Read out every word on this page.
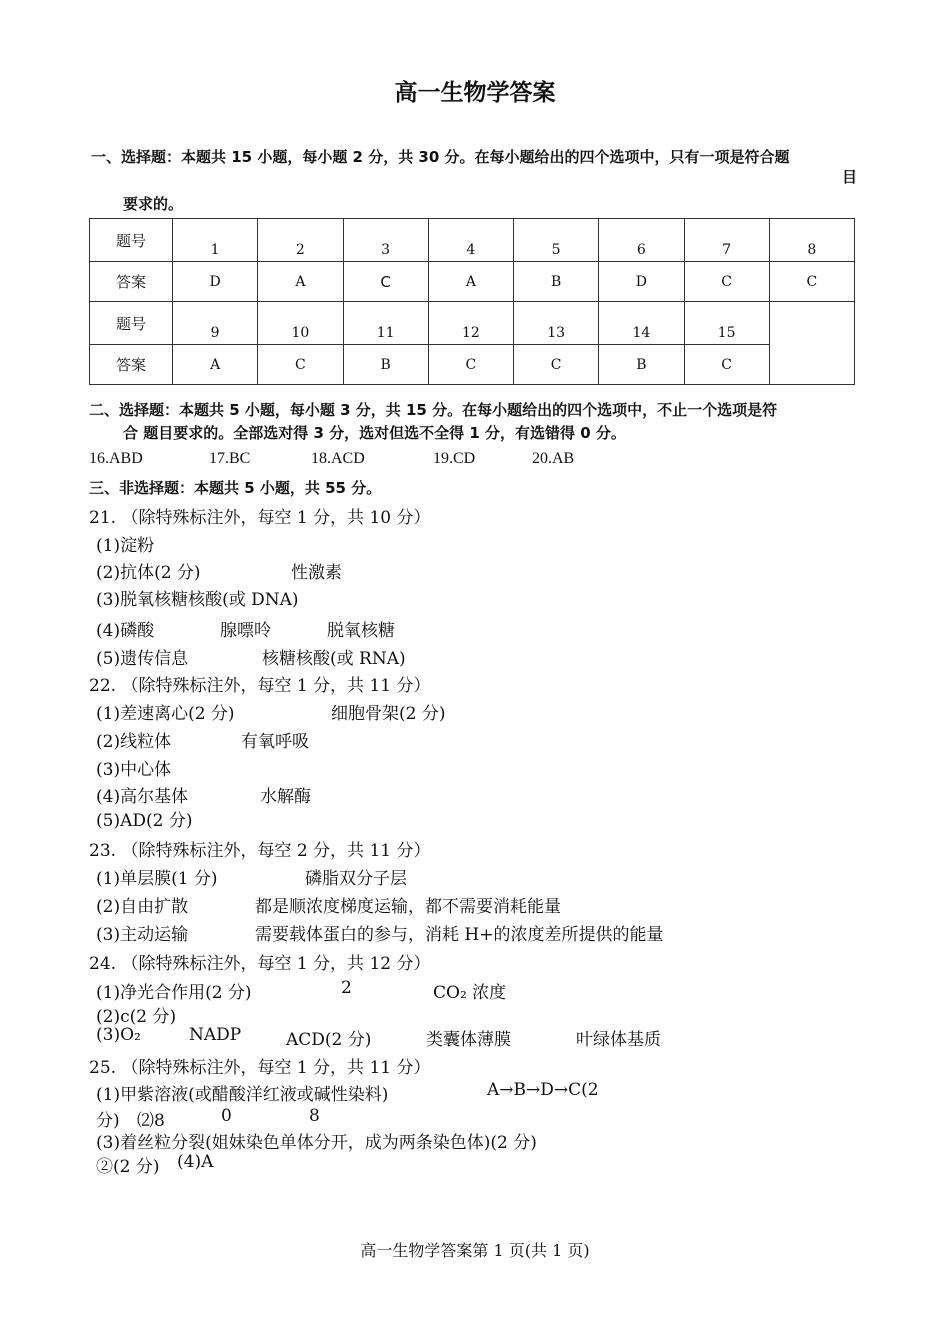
高一生物学答案
一、选择题：本题共 15 小题，每小题 2 分，共 30 分。在每小题给出的四个选项中，只有一项是符合题
目
要求的。
题号	1	2	3	4	5	6	7	8
答案	D	A	C	A	B	D	C	C
题号	9	10	11	12	13	14	15	
答案	A	C	B	C	C	B	C	
二、选择题：本题共 5 小题，每小题 3 分，共 15 分。在每小题给出的四个选项中，不止一个选项是符
合 题目要求的。全部选对得 3 分，选对但选不全得 1 分，有选错得 0 分。
16.ABD	17.BC	18.ACD	19.CD	20.AB
三、非选择题：本题共 5 小题，共 55 分。
21. （除特殊标注外，每空 1 分，共 10 分）
(1)淀粉
(2)抗体(2 分)	性激素
(3)脱氧核糖核酸(或 DNA)
(4)磷酸	腺嘌呤	脱氧核糖
(5)遗传信息	核糖核酸(或 RNA)
22. （除特殊标注外，每空 1 分，共 11 分）
(1)差速离心(2 分)	细胞骨架(2 分)
(2)线粒体	有氧呼吸
(3)中心体
(4)高尔基体	水解酶
(5)AD(2 分)
23. （除特殊标注外，每空 2 分，共 11 分）
(1)单层膜(1 分)	磷脂双分子层
(2)自由扩散	都是顺浓度梯度运输，都不需要消耗能量
(3)主动运输	需要载体蛋白的参与，消耗 H+的浓度差所提供的能量
24. （除特殊标注外，每空 1 分，共 12 分）
(1)净光合作用(2 分)	2	CO₂ 浓度
(2)c(2 分)
(3)O₂	NADP	ACD(2 分)	类囊体薄膜	叶绿体基质
25. （除特殊标注外，每空 1 分，共 11 分）
(1)甲紫溶液(或醋酸洋红液或碱性染料)	A→B→D→C(2
分) ⑵8	0	8
(3)着丝粒分裂(姐妹染色单体分开，成为两条染色体)(2 分)
②(2 分) (4)A
高一生物学答案第 1 页(共 1 页)
